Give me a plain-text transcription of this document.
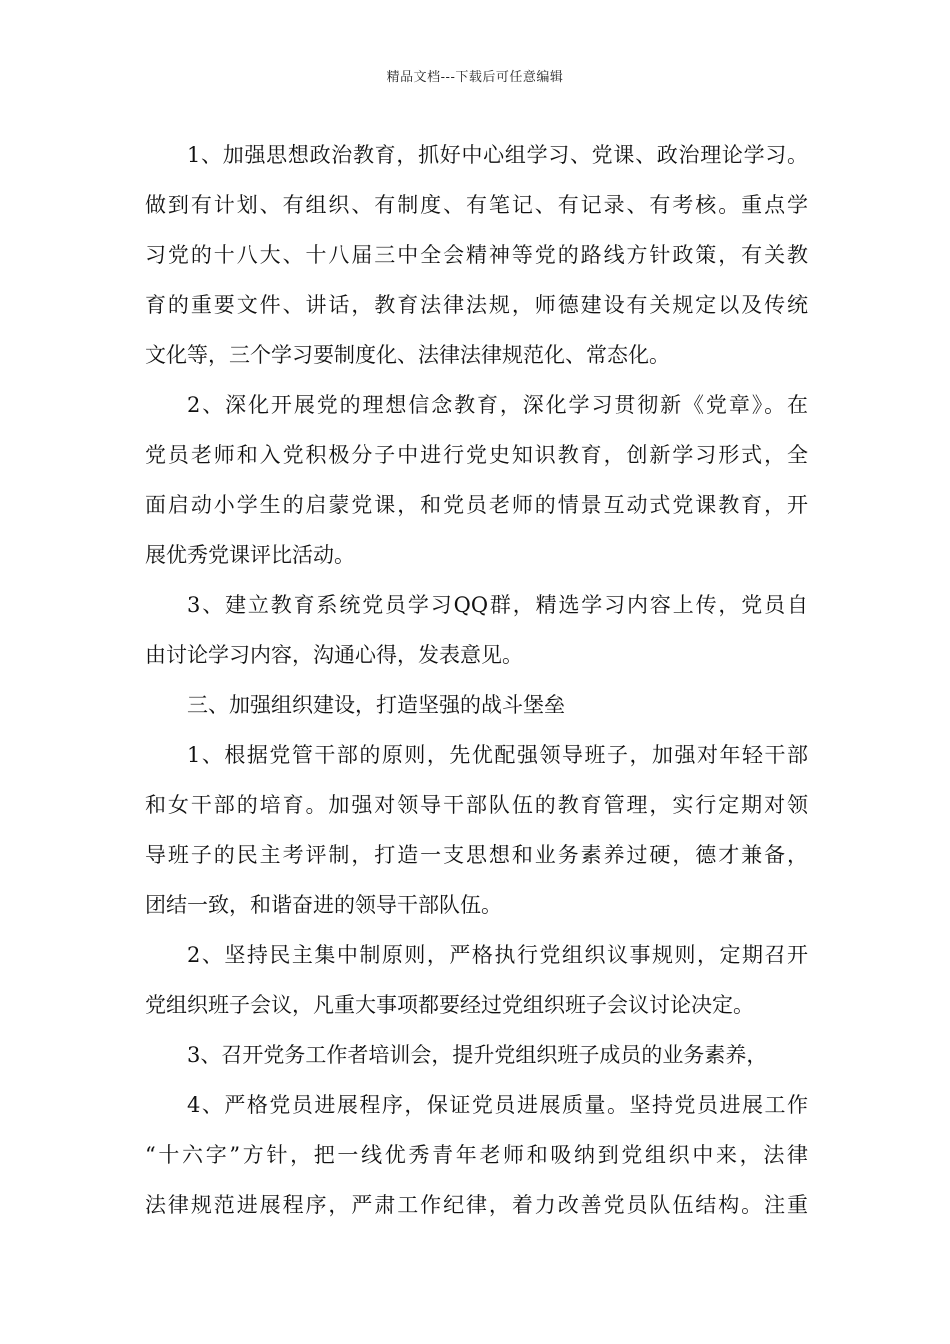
精品文档---下载后可任意编辑
1、加强思想政治教育，抓好中心组学习、党课、政治理论学习。
做到有计划、有组织、有制度、有笔记、有记录、有考核。重点学
习党的十八大、十八届三中全会精神等党的路线方针政策，有关教
育的重要文件、讲话，教育法律法规，师德建设有关规定以及传统
文化等，三个学习要制度化、法律法律规范化、常态化。
2、深化开展党的理想信念教育，深化学习贯彻新《党章》。在
党员老师和入党积极分子中进行党史知识教育，创新学习形式，全
面启动小学生的启蒙党课，和党员老师的情景互动式党课教育，开
展优秀党课评比活动。
3、建立教育系统党员学习QQ群，精选学习内容上传，党员自
由讨论学习内容，沟通心得，发表意见。
三、加强组织建设，打造坚强的战斗堡垒
1、根据党管干部的原则，先优配强领导班子，加强对年轻干部
和女干部的培育。加强对领导干部队伍的教育管理，实行定期对领
导班子的民主考评制，打造一支思想和业务素养过硬，德才兼备，
团结一致，和谐奋进的领导干部队伍。
2、坚持民主集中制原则，严格执行党组织议事规则，定期召开
党组织班子会议，凡重大事项都要经过党组织班子会议讨论决定。
3、召开党务工作者培训会，提升党组织班子成员的业务素养，
4、严格党员进展程序，保证党员进展质量。坚持党员进展工作
“十六字”方针，把一线优秀青年老师和吸纳到党组织中来，法律
法律规范进展程序，严肃工作纪律，着力改善党员队伍结构。注重
